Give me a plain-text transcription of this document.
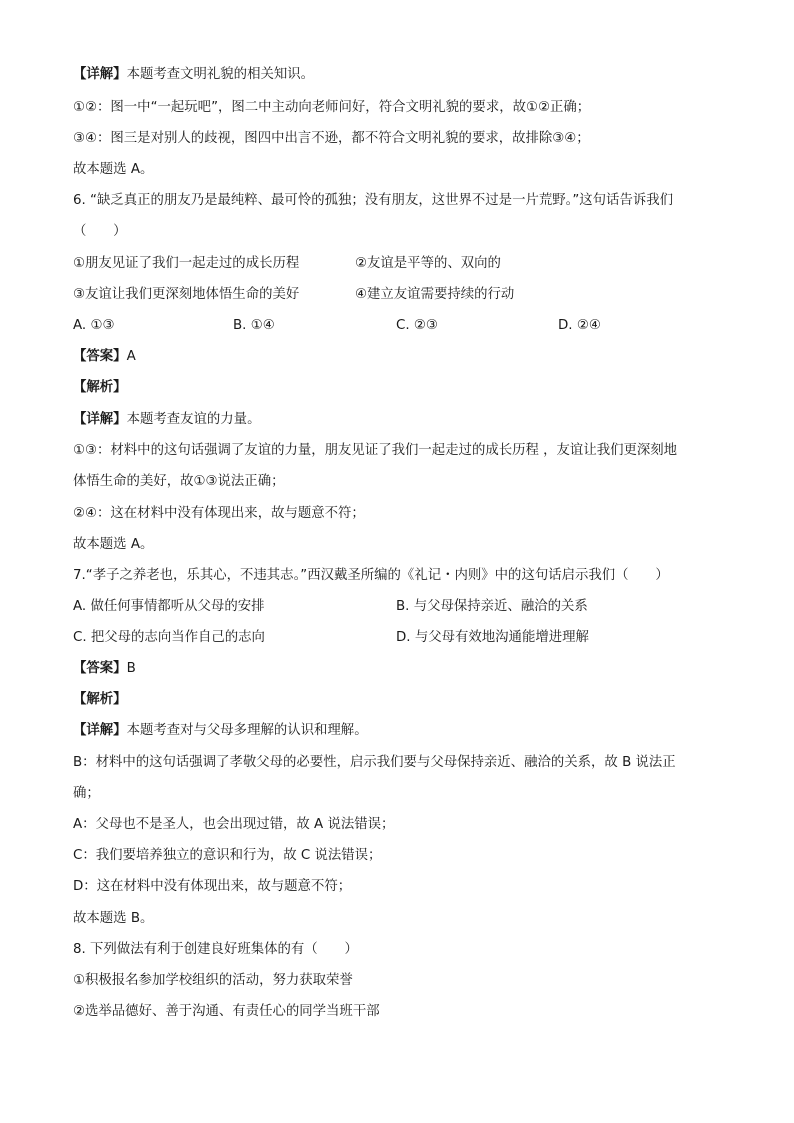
【详解】本题考查文明礼貌的相关知识。
①②：图一中“一起玩吧”，图二中主动向老师问好，符合文明礼貌的要求，故①②正确；
③④：图三是对别人的歧视，图四中出言不逊，都不符合文明礼貌的要求，故排除③④；
故本题选 A。
6. “缺乏真正的朋友乃是最纯粹、最可怜的孤独；没有朋友，这世界不过是一片荒野。”这句话告诉我们
（　　）
①朋友见证了我们一起走过的成长历程	②友谊是平等的、双向的
③友谊让我们更深刻地体悟生命的美好	④建立友谊需要持续的行动
A. ①③	B. ①④	C. ②③	D. ②④
【答案】A
【解析】
【详解】本题考查友谊的力量。
①③：材料中的这句话强调了友谊的力量，朋友见证了我们一起走过的成长历程 ，友谊让我们更深刻地
体悟生命的美好，故①③说法正确；
②④：这在材料中没有体现出来，故与题意不符；
故本题选 A。
7.“孝子之养老也，乐其心，不违其志。”西汉戴圣所编的《礼记・内则》中的这句话启示我们（　　）
A. 做任何事情都听从父母的安排	B. 与父母保持亲近、融洽的关系
C. 把父母的志向当作自己的志向	D. 与父母有效地沟通能增进理解
【答案】B
【解析】
【详解】本题考查对与父母多理解的认识和理解。
B：材料中的这句话强调了孝敬父母的必要性，启示我们要与父母保持亲近、融洽的关系，故 B 说法正
确；
A：父母也不是圣人，也会出现过错，故 A 说法错误；
C：我们要培养独立的意识和行为，故 C 说法错误；
D：这在材料中没有体现出来，故与题意不符；
故本题选 B。
8. 下列做法有利于创建良好班集体的有（　　）
①积极报名参加学校组织的活动，努力获取荣誉
②选举品德好、善于沟通、有责任心的同学当班干部
